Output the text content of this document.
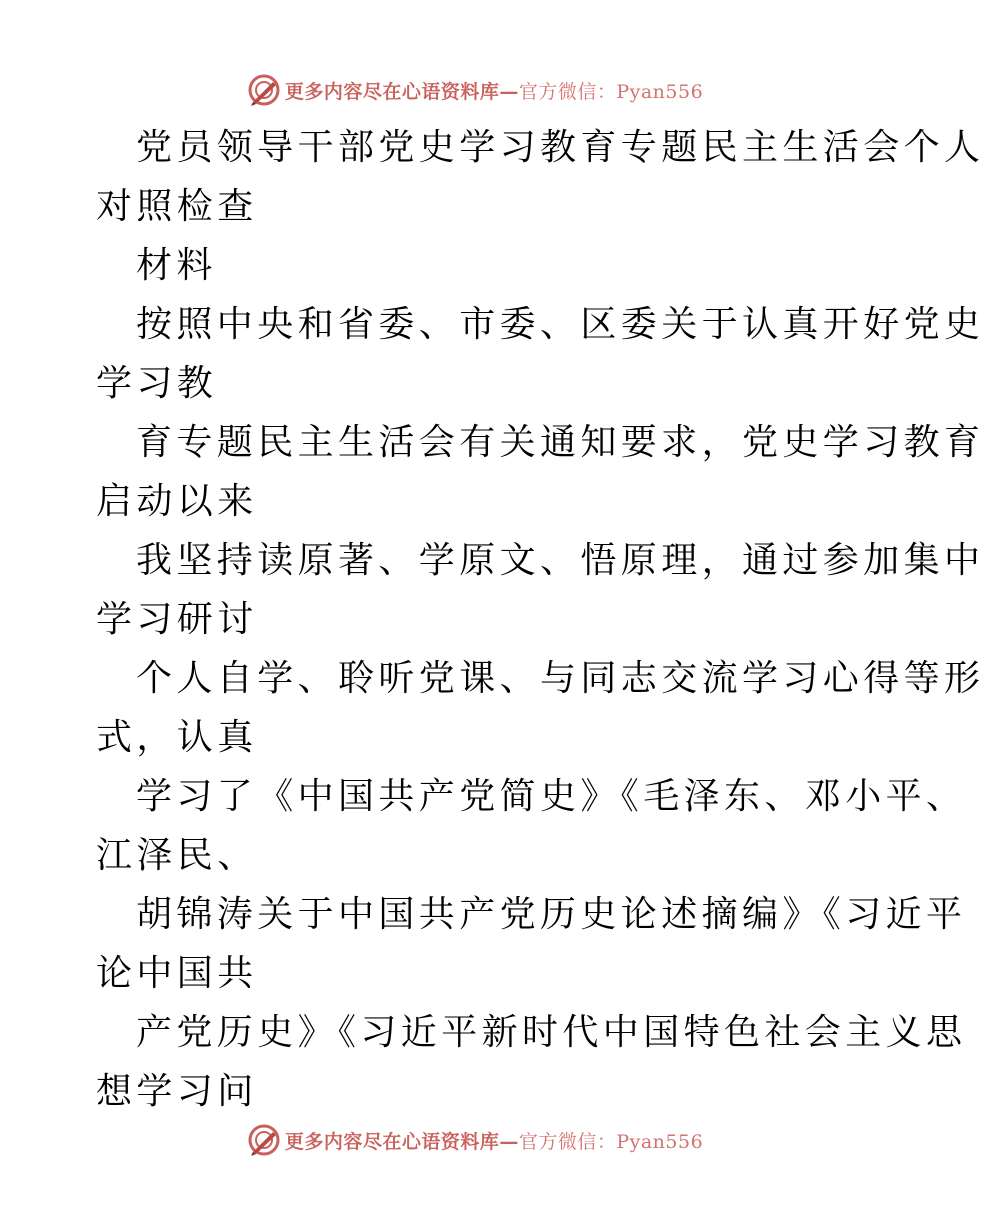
更多内容尽在心语资料库—官方微信：Pyan556
党员领导干部党史学习教育专题民主生活会个人
对照检查
材料
按照中央和省委、市委、区委关于认真开好党史
学习教
育专题民主生活会有关通知要求，党史学习教育
启动以来
我坚持读原著、学原文、悟原理，通过参加集中
学习研讨
个人自学、聆听党课、与同志交流学习心得等形
式，认真
学习了《中国共产党简史》《毛泽东、邓小平、
江泽民、
胡锦涛关于中国共产党历史论述摘编》《习近平
论中国共
产党历史》《习近平新时代中国特色社会主义思
想学习问
更多内容尽在心语资料库—官方微信：Pyan556
